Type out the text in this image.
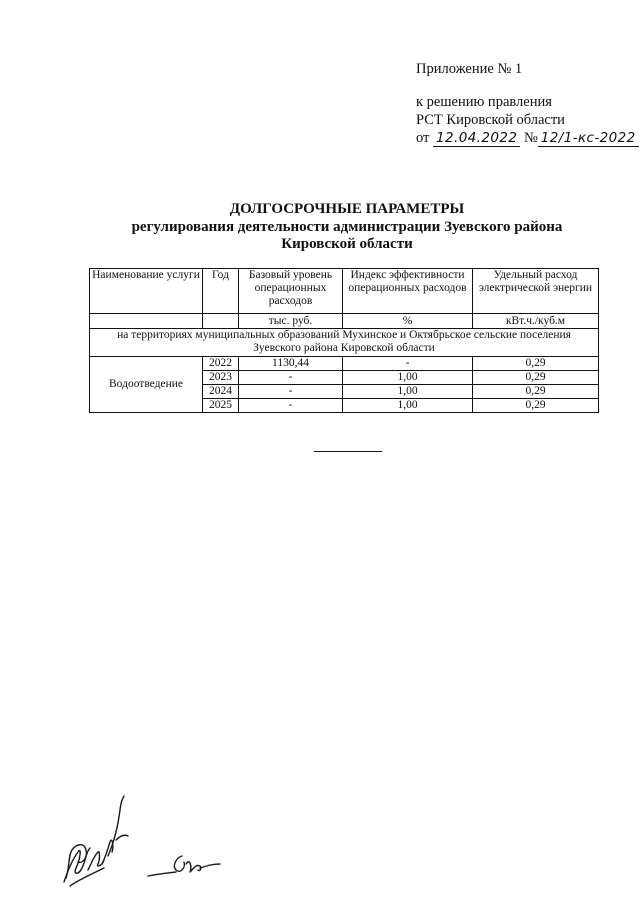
Приложение № 1
к решению правления
РСТ Кировской области
от 12.04.2022 № 12/1-кс-2022
ДОЛГОСРОЧНЫЕ ПАРАМЕТРЫ
регулирования деятельности администрации Зуевского района
Кировской области
Наименование услуги	Год	Базовый уровень операционных расходов	Индекс эффективности операционных расходов	Удельный расход электрической энергии
		тыс. руб.	%	кВт.ч./куб.м
на территориях муниципальных образований Мухинское и Октябрьское сельские поселения Зуевского района Кировской области				
Водоотведение	2022	1130,44	-	0,29
	2023	-	1,00	0,29
	2024	-	1,00	0,29
	2025	-	1,00	0,29
